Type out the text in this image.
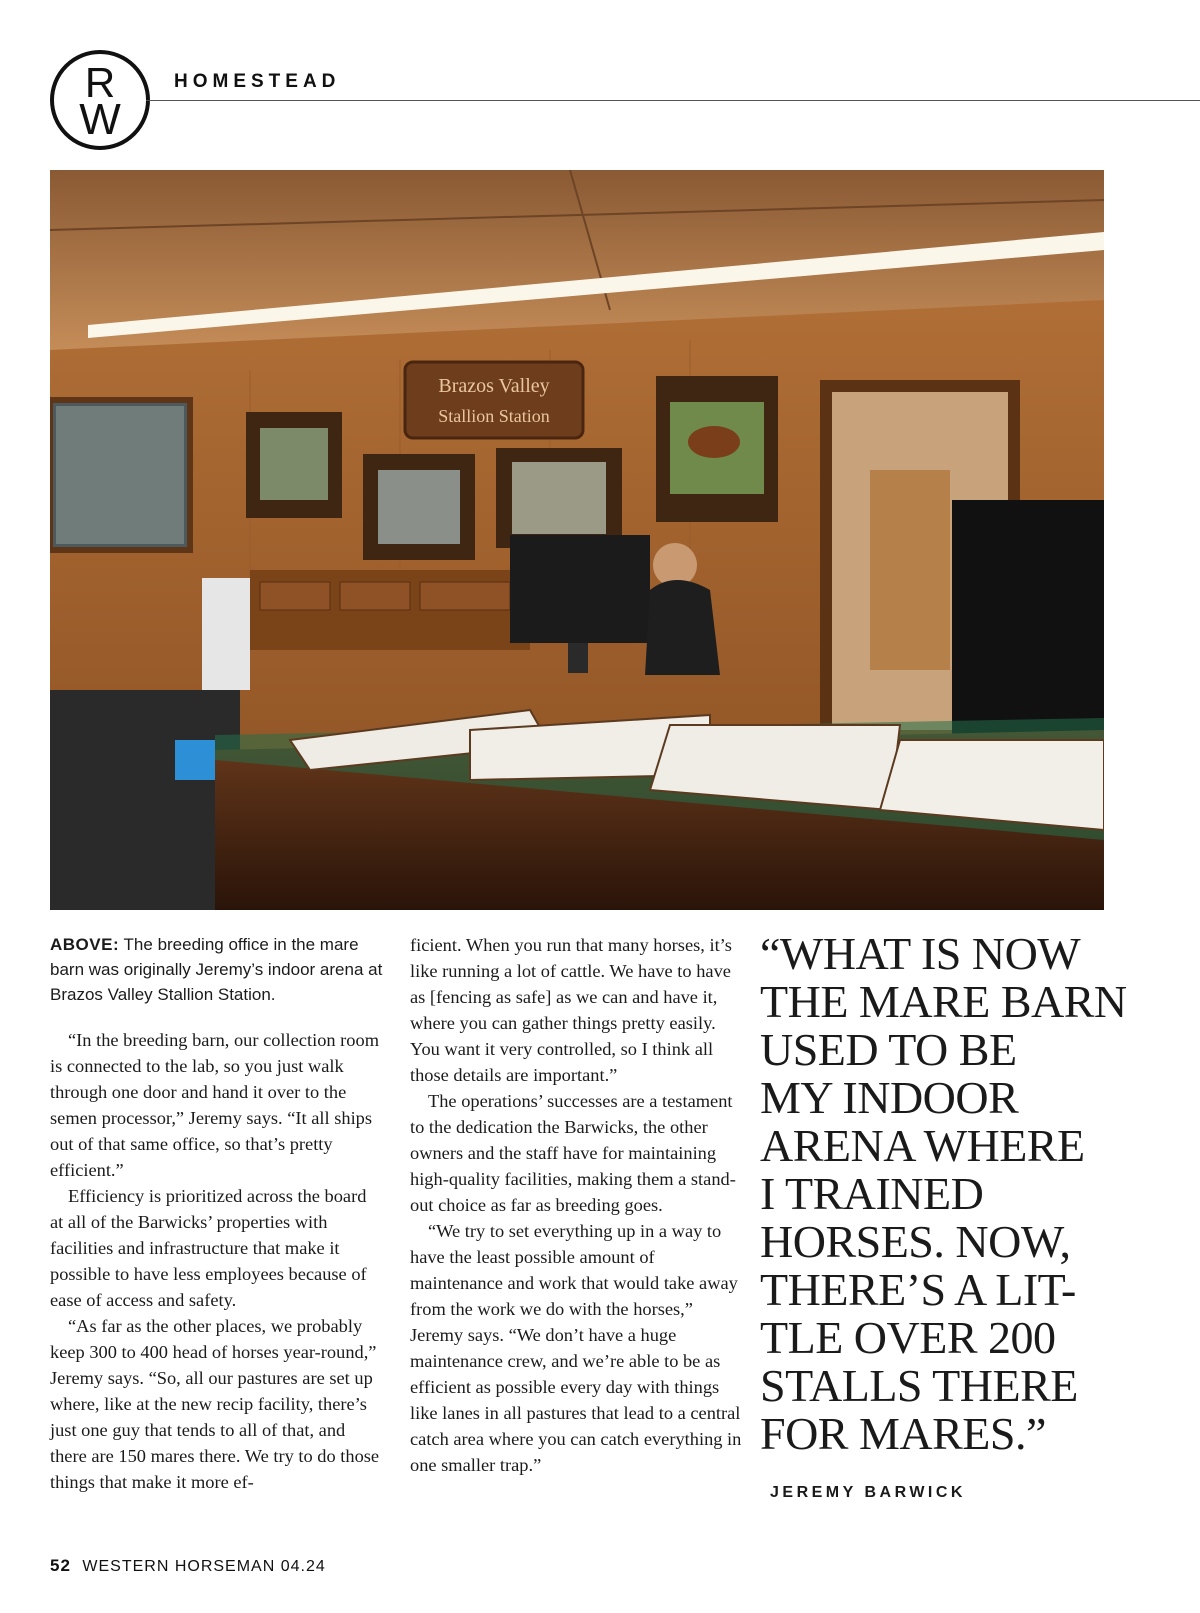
R
W
HOMESTEAD
Brazos Valley
Stallion Station
ABOVE: The breeding office in the mare barn was originally Jeremy’s indoor arena at Brazos Valley Stallion Station.

“In the breeding barn, our collection room is connected to the lab, so you just walk through one door and hand it over to the semen processor,” Jeremy says. “It all ships out of that same office, so that’s pretty efficient.”

Efficiency is prioritized across the board at all of the Barwicks’ properties with facilities and infrastructure that make it possible to have less employees because of ease of access and safety.

“As far as the other places, we probably keep 300 to 400 head of horses year-round,” Jeremy says. “So, all our pastures are set up where, like at the new recip facility, there’s just one guy that tends to all of that, and there are 150 mares there. We try to do those things that make it more ef-

ficient. When you run that many horses, it’s like running a lot of cattle. We have to have as [fencing as safe] as we can and have it, where you can gather things pretty easily. You want it very controlled, so I think all those details are important.”

The operations’ successes are a testament to the dedication the Barwicks, the other owners and the staff have for maintaining high-quality facilities, making them a stand-out choice as far as breeding goes.

“We try to set everything up in a way to have the least possible amount of maintenance and work that would take away from the work we do with the horses,” Jeremy says. “We don’t have a huge maintenance crew, and we’re able to be as efficient as possible every day with things like lanes in all pastures that lead to a central catch area where you can catch everything in one smaller trap.”

“WHAT IS NOW
THE MARE BARN
USED TO BE
MY INDOOR
ARENA WHERE
I TRAINED
HORSES. NOW,
THERE’S A LIT-
TLE OVER 200
STALLS THERE
FOR MARES.”
JEREMY BARWICK
52 WESTERN HORSEMAN 04.24
